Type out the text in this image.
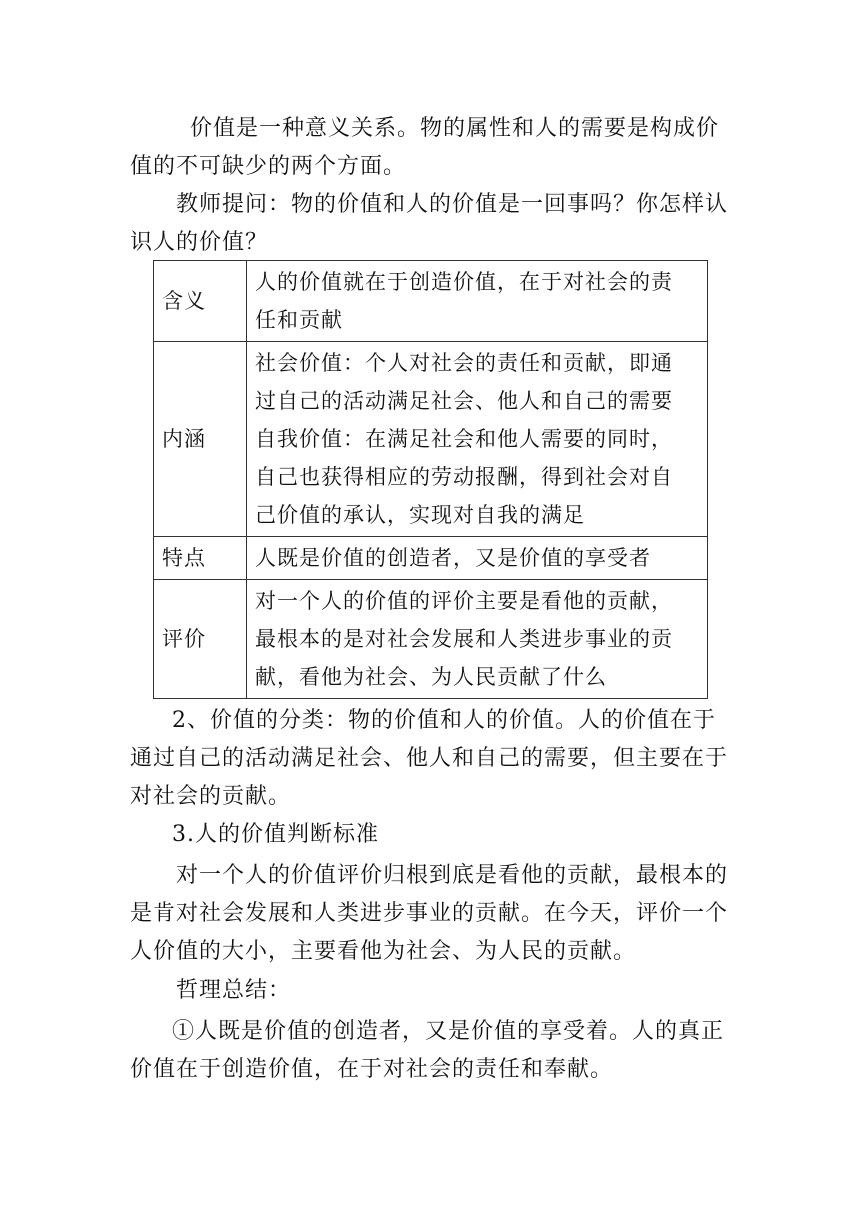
价值是一种意义关系。物的属性和人的需要是构成价
值的不可缺少的两个方面。

教师提问：物的价值和人的价值是一回事吗？你怎样认
识人的价值？

含义	人的价值就在于创造价值，在于对社会的责
任和贡献

内涵	社会价值：个人对社会的责任和贡献，即通
过自己的活动满足社会、他人和自己的需要
自我价值：在满足社会和他人需要的同时，
自己也获得相应的劳动报酬，得到社会对自
己价值的承认，实现对自我的满足

特点	人既是价值的创造者，又是价值的享受者

评价	对一个人的价值的评价主要是看他的贡献，
最根本的是对社会发展和人类进步事业的贡
献，看他为社会、为人民贡献了什么

2、价值的分类：物的价值和人的价值。人的价值在于
通过自己的活动满足社会、他人和自己的需要，但主要在于
对社会的贡献。

3.人的价值判断标准

对一个人的价值评价归根到底是看他的贡献，最根本的
是肯对社会发展和人类进步事业的贡献。在今天，评价一个
人价值的大小，主要看他为社会、为人民的贡献。

哲理总结：

①人既是价值的创造者，又是价值的享受着。人的真正
价值在于创造价值，在于对社会的责任和奉献。
